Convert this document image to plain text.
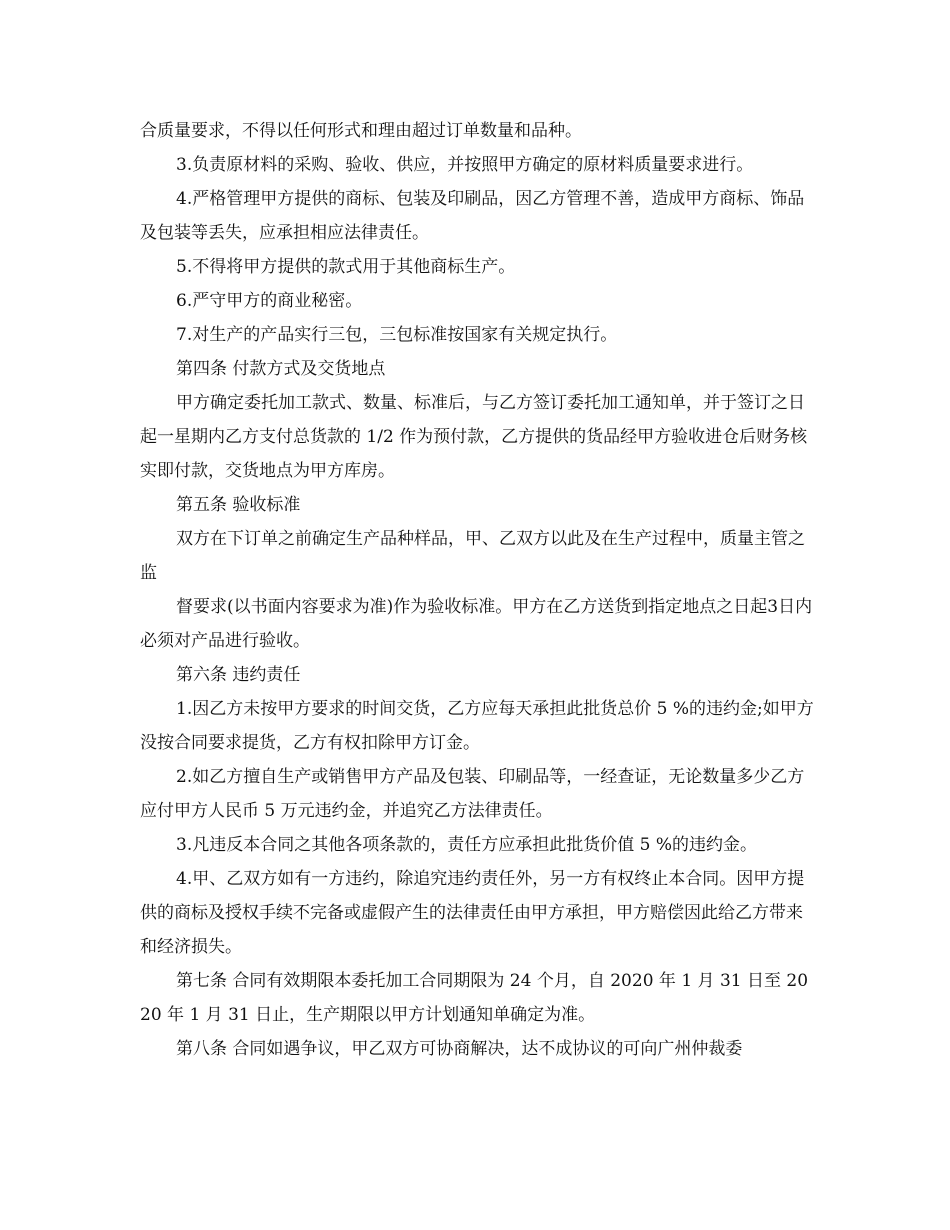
合质量要求，不得以任何形式和理由超过订单数量和品种。

3.负责原材料的采购、验收、供应，并按照甲方确定的原材料质量要求进行。

4.严格管理甲方提供的商标、包装及印刷品，因乙方管理不善，造成甲方商标、饰品及包装等丢失，应承担相应法律责任。

5.不得将甲方提供的款式用于其他商标生产。

6.严守甲方的商业秘密。

7.对生产的产品实行三包，三包标准按国家有关规定执行。

第四条 付款方式及交货地点

甲方确定委托加工款式、数量、标准后，与乙方签订委托加工通知单，并于签订之日起一星期内乙方支付总货款的 1/2 作为预付款，乙方提供的货品经甲方验收进仓后财务核实即付款，交货地点为甲方库房。

第五条 验收标准

双方在下订单之前确定生产品种样品，甲、乙双方以此及在生产过程中，质量主管之监

督要求(以书面内容要求为准)作为验收标准。甲方在乙方送货到指定地点之日起3日内必须对产品进行验收。

第六条 违约责任

1.因乙方未按甲方要求的时间交货，乙方应每天承担此批货总价 5 %的违约金;如甲方没按合同要求提货，乙方有权扣除甲方订金。

2.如乙方擅自生产或销售甲方产品及包装、印刷品等，一经查证，无论数量多少乙方应付甲方人民币 5 万元违约金，并追究乙方法律责任。

3.凡违反本合同之其他各项条款的，责任方应承担此批货价值 5 %的违约金。

4.甲、乙双方如有一方违约，除追究违约责任外，另一方有权终止本合同。因甲方提供的商标及授权手续不完备或虚假产生的法律责任由甲方承担，甲方赔偿因此给乙方带来和经济损失。

第七条 合同有效期限本委托加工合同期限为 24 个月，自 2020 年 1 月 31 日至 2020 年 1 月 31 日止，生产期限以甲方计划通知单确定为准。

第八条 合同如遇争议，甲乙双方可协商解决，达不成协议的可向广州仲裁委
